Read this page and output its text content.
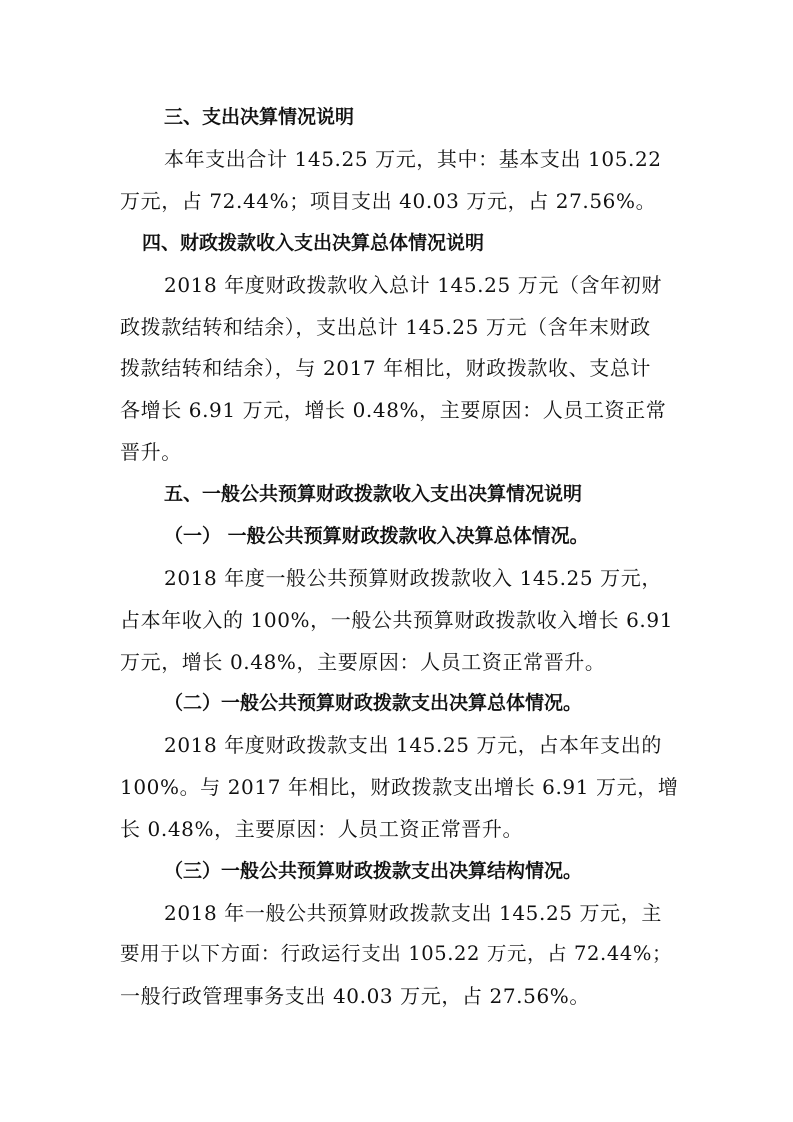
三、支出决算情况说明
本年支出合计 145.25 万元，其中：基本支出 105.22
万元，占 72.44%；项目支出 40.03 万元，占 27.56%。
四、财政拨款收入支出决算总体情况说明
2018 年度财政拨款收入总计 145.25 万元（含年初财
政拨款结转和结余），支出总计 145.25 万元（含年末财政
拨款结转和结余），与 2017 年相比，财政拨款收、支总计
各增长 6.91 万元，增长 0.48%，主要原因：人员工资正常
晋升。
五、一般公共预算财政拨款收入支出决算情况说明
（一） 一般公共预算财政拨款收入决算总体情况。
2018 年度一般公共预算财政拨款收入 145.25 万元，
占本年收入的 100%，一般公共预算财政拨款收入增长 6.91
万元，增长 0.48%，主要原因：人员工资正常晋升。
（二）一般公共预算财政拨款支出决算总体情况。
2018 年度财政拨款支出 145.25 万元，占本年支出的
100%。与 2017 年相比，财政拨款支出增长 6.91 万元，增
长 0.48%，主要原因：人员工资正常晋升。
（三）一般公共预算财政拨款支出决算结构情况。
2018 年一般公共预算财政拨款支出 145.25 万元，主
要用于以下方面：行政运行支出 105.22 万元，占 72.44%；
一般行政管理事务支出 40.03 万元，占 27.56%。
